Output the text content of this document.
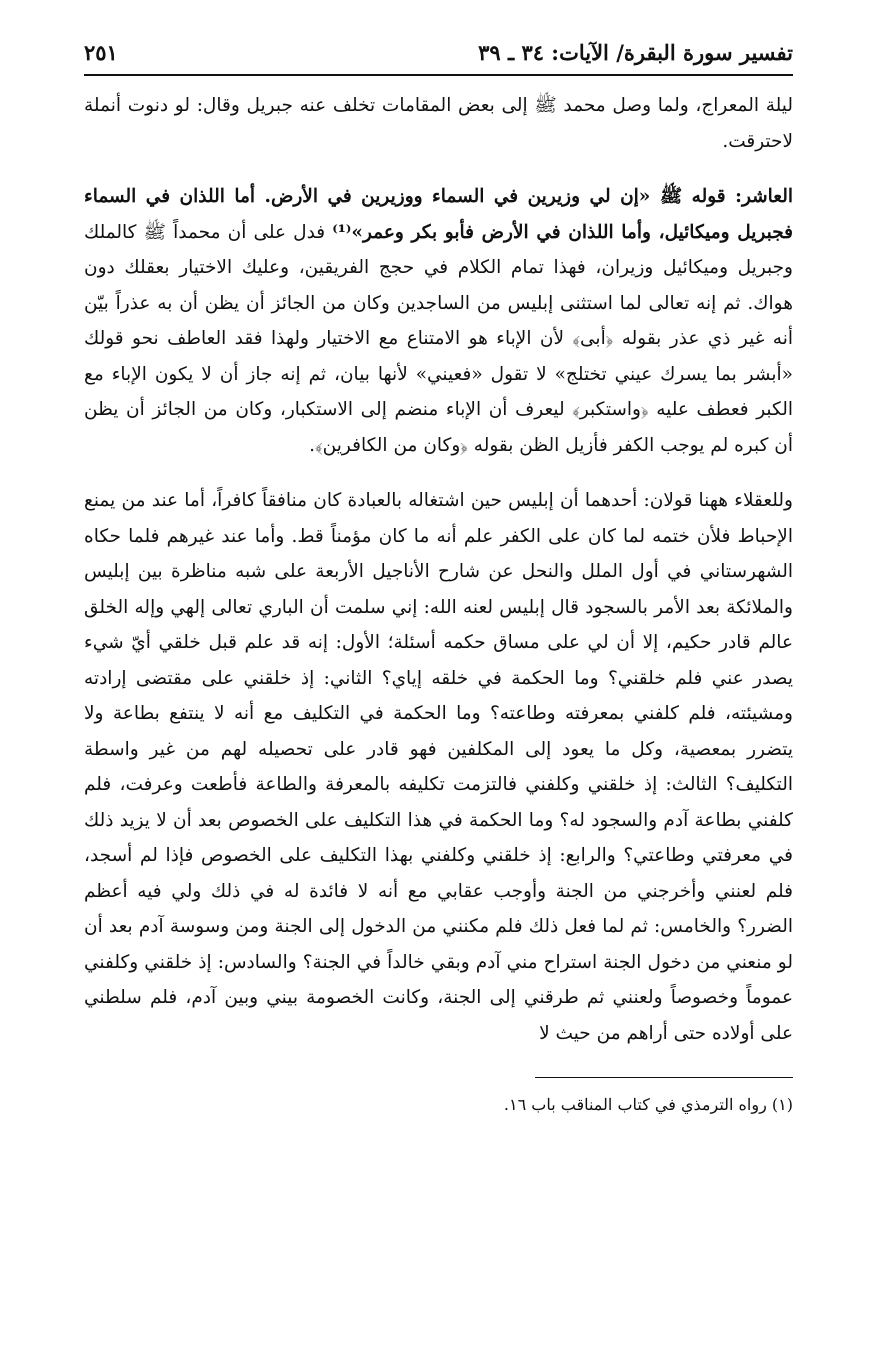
تفسير سورة البقرة/ الآيات: ٣٤ ـ ٣٩
٢٥١

ليلة المعراج، ولما وصل محمد ﷺ إلى بعض المقامات تخلف عنه جبريل وقال: لو دنوت أنملة لاحترقت.

العاشر: قوله ﷺ «إن لي وزيرين في السماء ووزيرين في الأرض. أما اللذان في السماء فجبريل وميكائيل، وأما اللذان في الأرض فأبو بكر وعمر»⁽¹⁾ فدل على أن محمداً ﷺ كالملك وجبريل وميكائيل وزيران، فهذا تمام الكلام في حجج الفريقين، وعليك الاختيار بعقلك دون هواك. ثم إنه تعالى لما استثنى إبليس من الساجدين وكان من الجائز أن يظن أن به عذراً بيّن أنه غير ذي عذر بقوله ﴿أبى﴾ لأن الإباء هو الامتناع مع الاختيار ولهذا فقد العاطف نحو قولك «أبشر بما يسرك عيني تختلج» لا تقول «فعيني» لأنها بيان، ثم إنه جاز أن لا يكون الإباء مع الكبر فعطف عليه ﴿واستكبر﴾ ليعرف أن الإباء منضم إلى الاستكبار، وكان من الجائز أن يظن أن كبره لم يوجب الكفر فأزيل الظن بقوله ﴿وكان من الكافرين﴾.

وللعقلاء ههنا قولان: أحدهما أن إبليس حين اشتغاله بالعبادة كان منافقاً كافراً، أما عند من يمنع الإحباط فلأن ختمه لما كان على الكفر علم أنه ما كان مؤمناً قط. وأما عند غيرهم فلما حكاه الشهرستاني في أول الملل والنحل عن شارح الأناجيل الأربعة على شبه مناظرة بين إبليس والملائكة بعد الأمر بالسجود قال إبليس لعنه الله: إني سلمت أن الباري تعالى إلهي وإله الخلق عالم قادر حكيم، إلا أن لي على مساق حكمه أسئلة؛ الأول: إنه قد علم قبل خلقي أيّ شيء يصدر عني فلم خلقني؟ وما الحكمة في خلقه إياي؟ الثاني: إذ خلقني على مقتضى إرادته ومشيئته، فلم كلفني بمعرفته وطاعته؟ وما الحكمة في التكليف مع أنه لا ينتفع بطاعة ولا يتضرر بمعصية، وكل ما يعود إلى المكلفين فهو قادر على تحصيله لهم من غير واسطة التكليف؟ الثالث: إذ خلقني وكلفني فالتزمت تكليفه بالمعرفة والطاعة فأطعت وعرفت، فلم كلفني بطاعة آدم والسجود له؟ وما الحكمة في هذا التكليف على الخصوص بعد أن لا يزيد ذلك في معرفتي وطاعتي؟ والرابع: إذ خلقني وكلفني بهذا التكليف على الخصوص فإذا لم أسجد، فلم لعنني وأخرجني من الجنة وأوجب عقابي مع أنه لا فائدة له في ذلك ولي فيه أعظم الضرر؟ والخامس: ثم لما فعل ذلك فلم مكنني من الدخول إلى الجنة ومن وسوسة آدم بعد أن لو منعني من دخول الجنة استراح مني آدم وبقي خالداً في الجنة؟ والسادس: إذ خلقني وكلفني عموماً وخصوصاً ولعنني ثم طرقني إلى الجنة، وكانت الخصومة بيني وبين آدم، فلم سلطني على أولاده حتى أراهم من حيث لا

(١) رواه الترمذي في كتاب المناقب باب ١٦.
